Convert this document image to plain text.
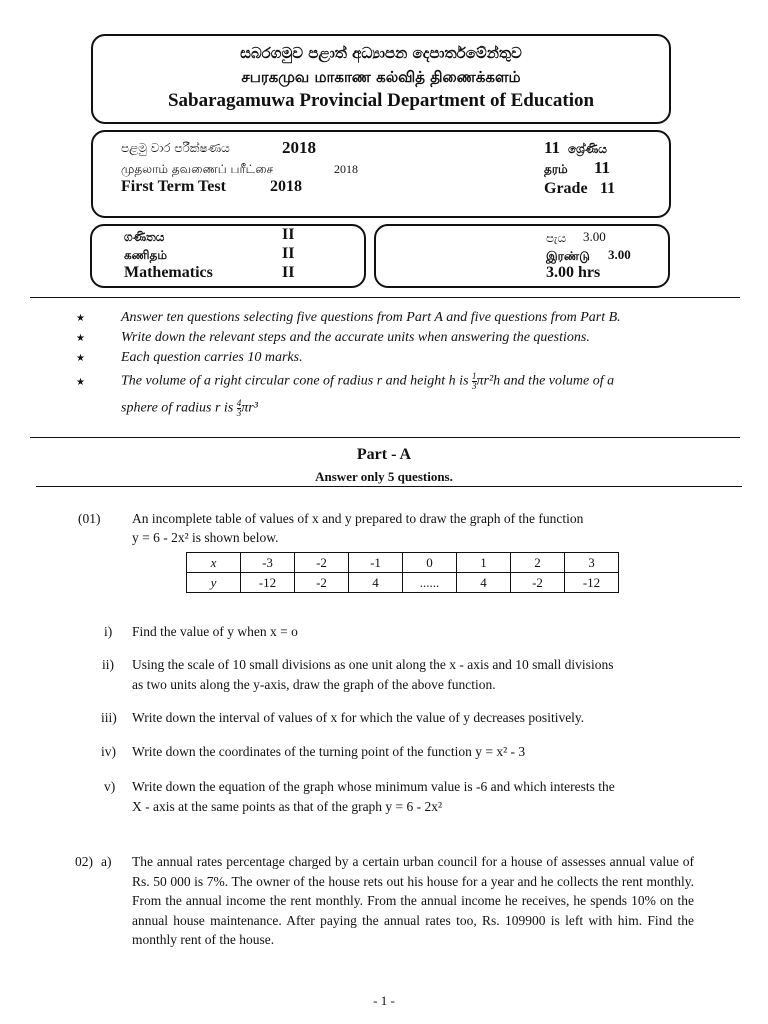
සබරගමුව පළාත් අධ්‍යාපන දෙපාර්තමේන්තුව
சபரகமுவ மாகாண கல்வித் திணைக்களம்
Sabaragamuwa Provincial Department of Education
පළමු වාර පරීක්ෂණය	2018
முதலாம் தவணைப் பரீட்சை	2018
First Term Test	2018
11 ශ්‍රේණිය
தரம் 11
Grade 11
ගණිතය	II
கணிதம்	II
Mathematics	II
පැය 3.00
இரண்டு 3.00
3.00 hrs
★	Answer ten questions selecting five questions from Part A and five questions from Part B.
★	Write down the relevant steps and the accurate units when answering the questions.
★	Each question carries 10 marks.
★	The volume of a right circular cone of radius r and height h is $\frac{1}{3} \pi r^2h$ and the volume of a
sphere of radius r is $\frac{4}{3} \pi r^3$
Part - A
Answer only 5 questions.
(01) An incomplete table of values of x and y prepared to draw the graph of the function
y = 6 - 2x² is shown below.
x	-3	-2	-1	0	1	2	3
y	-12	-2	4	......	4	-2	-12
i) Find the value of y when x = o
ii) Using the scale of 10 small divisions as one unit along the x - axis and 10 small divisions
as two units along the y-axis, draw the graph of the above function.
iii) Write down the interval of values of x for which the value of y decreases positively.
iv) Write down the coordinates of the turning point of the function y = x² - 3
v) Write down the equation of the graph whose minimum value is -6 and which interests the
X - axis at the same points as that of the graph y = 6 - 2x²
02) a) The annual rates percentage charged by a certain urban council for a house of assesses annual value of Rs. 50 000 is 7%. The owner of the house rets out his house for a year and he collects the rent monthly. From the annual income the rent monthly. From the annual income he receives, he spends 10% on the annual house maintenance. After paying the annual rates too, Rs. 109900 is left with him. Find the monthly rent of the house.
- 1 -
